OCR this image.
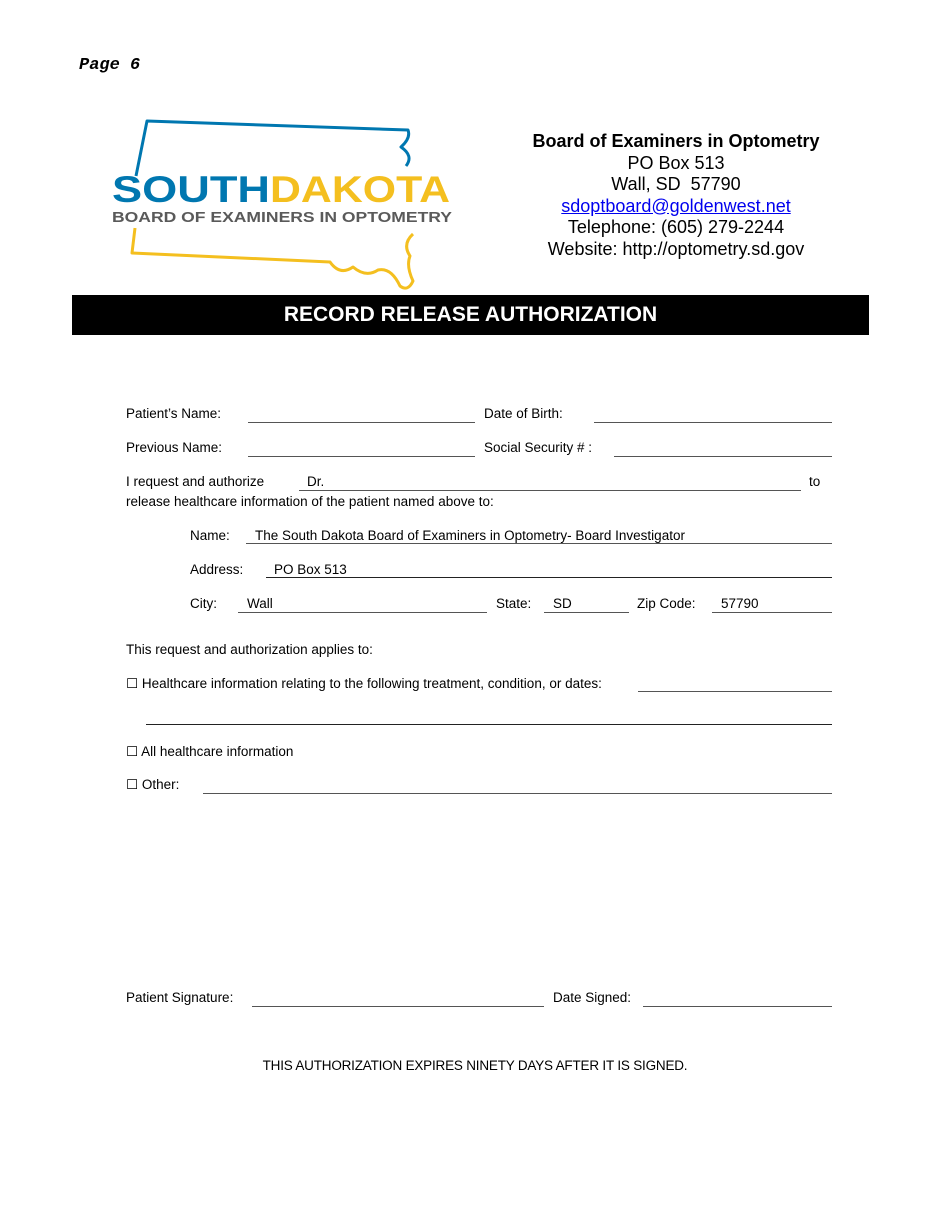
Page 6
SOUTH DAKOTA
BOARD OF EXAMINERS IN OPTOMETRY
Board of Examiners in Optometry
PO Box 513
Wall, SD  57790
sdoptboard@goldenwest.net
Telephone: (605) 279-2244
Website: http://optometry.sd.gov
RECORD RELEASE AUTHORIZATION
Patient’s Name:	Date of Birth:
Previous Name:	Social Security # :
I request and authorize	Dr.	to
release healthcare information of the patient named above to:
Name: The South Dakota Board of Examiners in Optometry- Board Investigator
Address: PO Box 513
City: Wall	State: SD	Zip Code: 57790
This request and authorization applies to:
☐ Healthcare information relating to the following treatment, condition, or dates:
☐ All healthcare information
☐ Other:
Patient Signature:	Date Signed:
THIS AUTHORIZATION EXPIRES NINETY DAYS AFTER IT IS SIGNED.
